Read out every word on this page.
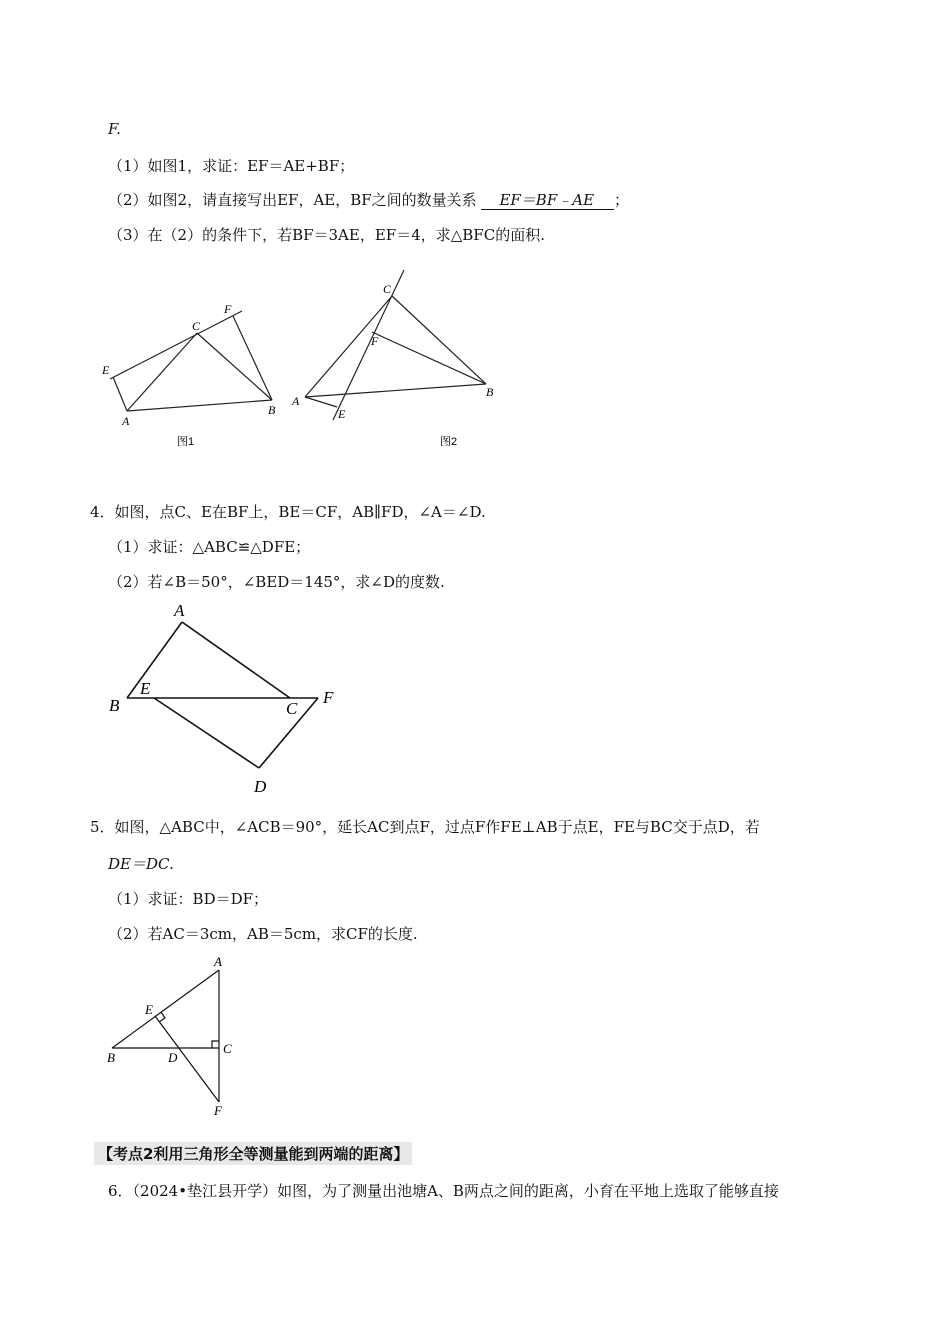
F.
（1）如图1，求证：EF＝AE+BF；
（2）如图2，请直接写出EF，AE，BF之间的数量关系 EF＝BF﹣AE ；
（3）在（2）的条件下，若BF＝3AE，EF＝4，求△BFC的面积.
E
A
C
F
B
图1
C
F
A
E
B
图2
4．如图，点C、E在BF上，BE＝CF，AB∥FD，∠A＝∠D.
（1）求证：△ABC≌△DFE；
（2）若∠B＝50°，∠BED＝145°，求∠D的度数.
A
B
E
C
F
D
5．如图，△ABC中，∠ACB＝90°，延长AC到点F，过点F作FE⊥AB于点E，FE与BC交于点D，若
DE＝DC.
（1）求证：BD＝DF；
（2）若AC＝3cm，AB＝5cm，求CF的长度.
A
E
B	D
C
F
【考点2利用三角形全等测量能到两端的距离】
6．（2024•垫江县开学）如图，为了测量出池塘A、B两点之间的距离，小育在平地上选取了能够直接
